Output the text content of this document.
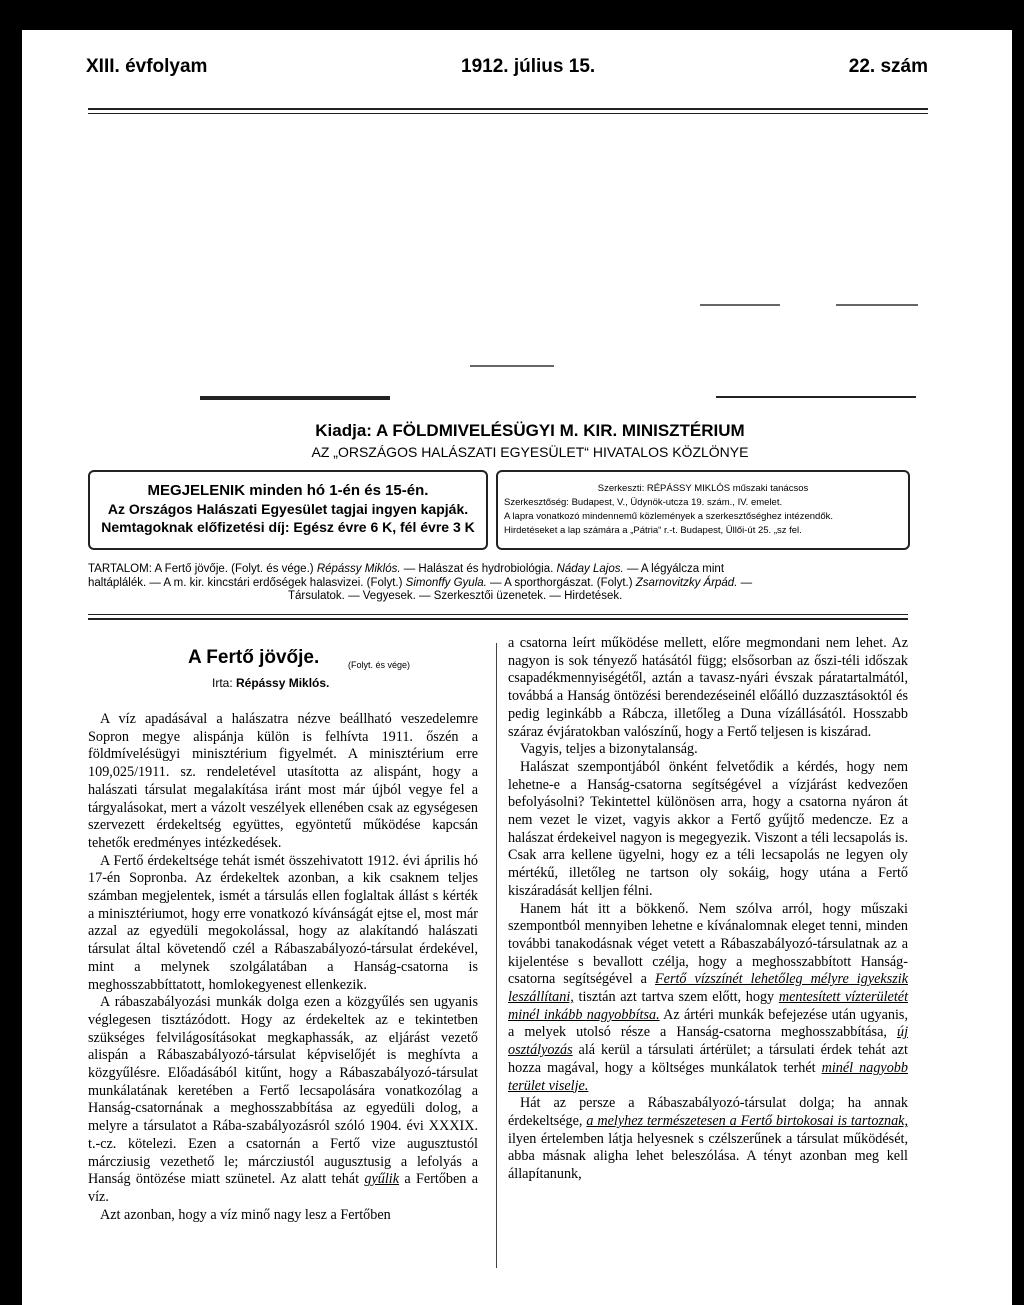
XIII. évfolyam	1912. július 15.	22. szám
Kiadja: A FÖLDMIVELÉSÜGYI M. KIR. MINISZTÉRIUM
AZ „ORSZÁGOS HALÁSZATI EGYESÜLET“ HIVATALOS KÖZLÖNYE
MEGJELENIK minden hó 1-én és 15-én.
Az Országos Halászati Egyesület tagjai ingyen kapják.
Nemtagoknak előfizetési díj: Egész évre 6 K, fél évre 3 K
Szerkeszti: RÉPÁSSY MIKLÓS műszaki tanácsos
Szerkesztőség: Budapest, V., Üdynök-utcza 19. szám., IV. emelet.
A lapra vonatkozó mindennemű közlemények a szerkesztőséghez intézendők.
Hirdetéseket a lap számára a „Pátria“ r.-t. Budapest, Üllői-út 25. „sz fel.
TARTALOM: A Fertő jövője. (Folyt. és vége.) Répássy Miklós. — Halászat és hydrobiológia. Náday Lajos. — A légyálcza mint
haltáplálék. — A m. kir. kincstári erdőségek halasvizei. (Folyt.) Simonffy Gyula. — A sporthorgászat. (Folyt.) Zsarnovitzky Árpád. —
Társulatok. — Vegyesek. — Szerkesztői üzenetek. — Hirdetések.
A Fertő jövője.	(Folyt. és vége)
Irta: Répássy Miklós.

A víz apadásával a halászatra nézve beállható veszedelemre Sopron megye alispánja külön is felhívta 1911. őszén a földmívelésügyi minisztérium figyelmét. A minisztérium erre 109,025/1911. sz. rendeletével utasította az alispánt, hogy a halászati társulat megalakítása iránt most már újból vegye fel a tárgyalásokat, mert a vázolt veszélyek ellenében csak az egységesen szervezett érdekeltség együttes, egyöntetű működése kapcsán tehetők eredményes intézkedések.

A Fertő érdekeltsége tehát ismét összehivatott 1912. évi április hó 17-én Sopronba. Az érdekeltek azonban, a kik csaknem teljes számban megjelentek, ismét a társulás ellen foglaltak állást s kérték a minisztériumot, hogy erre vonatkozó kívánságát ejtse el, most már azzal az egyedüli megokolással, hogy az alakítandó halászati társulat által követendő czél a Rábaszabályozó-társulat érdekével, mint a melynek szolgálatában a Hanság-csatorna is meghosszabbíttatott, homlokegyenest ellenkezik.

A rábaszabályozási munkák dolga ezen a közgyűlés sen ugyanis véglegesen tisztázódott. Hogy az érdekeltek az e tekintetben szükséges felvilágosításokat megkaphassák, az eljárást vezető alispán a Rábaszabályozó-társulat képviselőjét is meghívta a közgyűlésre. Előadásából kitűnt, hogy a Rábaszabályozó-társulat munkálatának keretében a Fertő lecsapolására vonatkozólag a Hanság-csatornának a meghosszabbítása az egyedüli dolog, a melyre a társulatot a Rába-szabályozásról szóló 1904. évi XXXIX. t.-cz. kötelezi. Ezen a csatornán a Fertő vize augusztustól márcziusig vezethető le; márcziustól augusztusig a lefolyás a Hanság öntözése miatt szünetel. Az alatt tehát gyűlik a Fertőben a víz.

Azt azonban, hogy a víz minő nagy lesz a Fertőben

a csatorna leírt működése mellett, előre megmondani nem lehet. Az nagyon is sok tényező hatásától függ; elsősorban az őszi-téli időszak csapadékmennyiségétől, aztán a tavasz-nyári évszak páratartalmától, továbbá a Hanság öntözési berendezéseinél előálló duzzasztásoktól és pedig leginkább a Rábcza, illetőleg a Duna vízállásától. Hosszabb száraz évjáratokban valószínű, hogy a Fertő teljesen is kiszárad.

Vagyis, teljes a bizonytalanság.

Halászat szempontjából önként felvetődik a kérdés, hogy nem lehetne-e a Hanság-csatorna segítségével a vízjárást kedvezően befolyásolni? Tekintettel különösen arra, hogy a csatorna nyáron át nem vezet le vizet, vagyis akkor a Fertő gyűjtő medencze. Ez a halászat érdekeivel nagyon is megegyezik. Viszont a téli lecsapolás is. Csak arra kellene ügyelni, hogy ez a téli lecsapolás ne legyen oly mértékű, illetőleg ne tartson oly sokáig, hogy utána a Fertő kiszáradását kelljen félni.

Hanem hát itt a bökkenő. Nem szólva arról, hogy műszaki szempontból mennyiben lehetne e kívánalomnak eleget tenni, minden további tanakodásnak véget vetett a Rábaszabályozó-társulatnak az a kijelentése s bevallott czélja, hogy a meghosszabbított Hanság-csatorna segítségével a Fertő vízszínét lehetőleg mélyre igyekszik leszállítani, tisztán azt tartva szem előtt, hogy mentesített vízterületét minél inkább nagyobbítsa. Az ártéri munkák befejezése után ugyanis, a melyek utolsó része a Hanság-csatorna meghosszabbítása, új osztályozás alá kerül a társulati ártérület; a társulati érdek tehát azt hozza magával, hogy a költséges munkálatok terhét minél nagyobb terület viselje.

Hát az persze a Rábaszabályozó-társulat dolga; ha annak érdekeltsége, a melyhez természetesen a Fertő birtokosai is tartoznak, ilyen értelemben látja helyesnek s czélszerűnek a társulat működését, abba másnak aligha lehet beleszólása. A tényt azonban meg kell állapítanunk,
